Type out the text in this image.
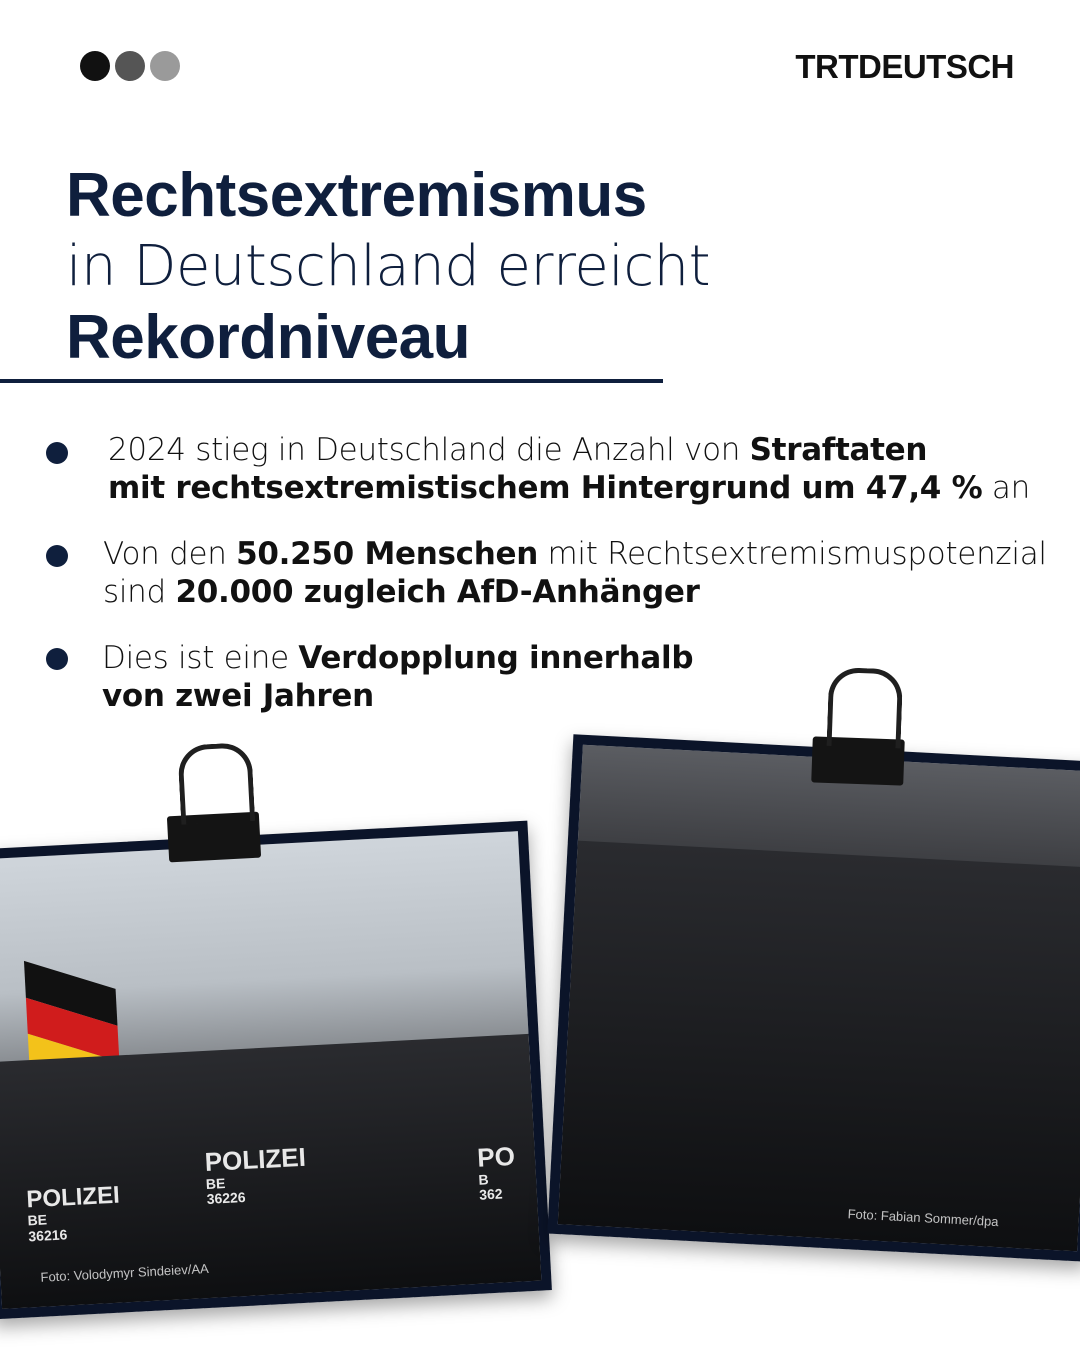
TRTDEUTSCH
Rechtsextremismus
in Deutschland erreicht
Rekordniveau
2024 stieg in Deutschland die Anzahl von Straftaten
mit rechtsextremistischem Hintergrund um 47,4 % an
Von den 50.250 Menschen mit Rechtsextremismuspotenzial
sind 20.000 zugleich AfD-Anhänger
Dies ist eine Verdopplung innerhalb
von zwei Jahren
POLIZEI
BE
36216
POLIZEI
BE
36226
PO
B
362
Foto: Volodymyr Sindeiev/AA
Foto: Fabian Sommer/dpa
